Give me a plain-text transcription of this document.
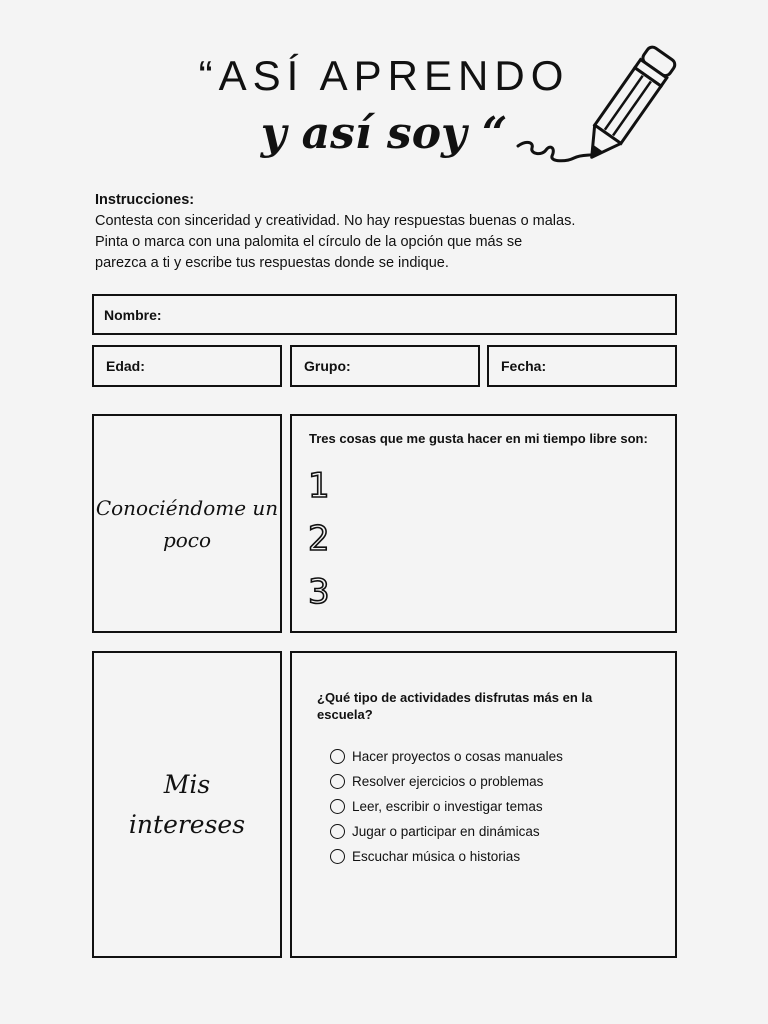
“ASÍ APRENDO
y así soy “
Instrucciones:
Contesta con sinceridad y creatividad. No hay respuestas buenas o malas.
Pinta o marca con una palomita el círculo de la opción que más se
parezca a ti y escribe tus respuestas donde se indique.
Nombre:
Edad:	Grupo:	Fecha:
Conociéndome un
poco
Tres cosas que me gusta hacer en mi tiempo libre son:
1
2
3
Mis
intereses
¿Qué tipo de actividades disfrutas más en la
escuela?
Hacer proyectos o cosas manuales
Resolver ejercicios o problemas
Leer, escribir o investigar temas
Jugar o participar en dinámicas
Escuchar música o historias
